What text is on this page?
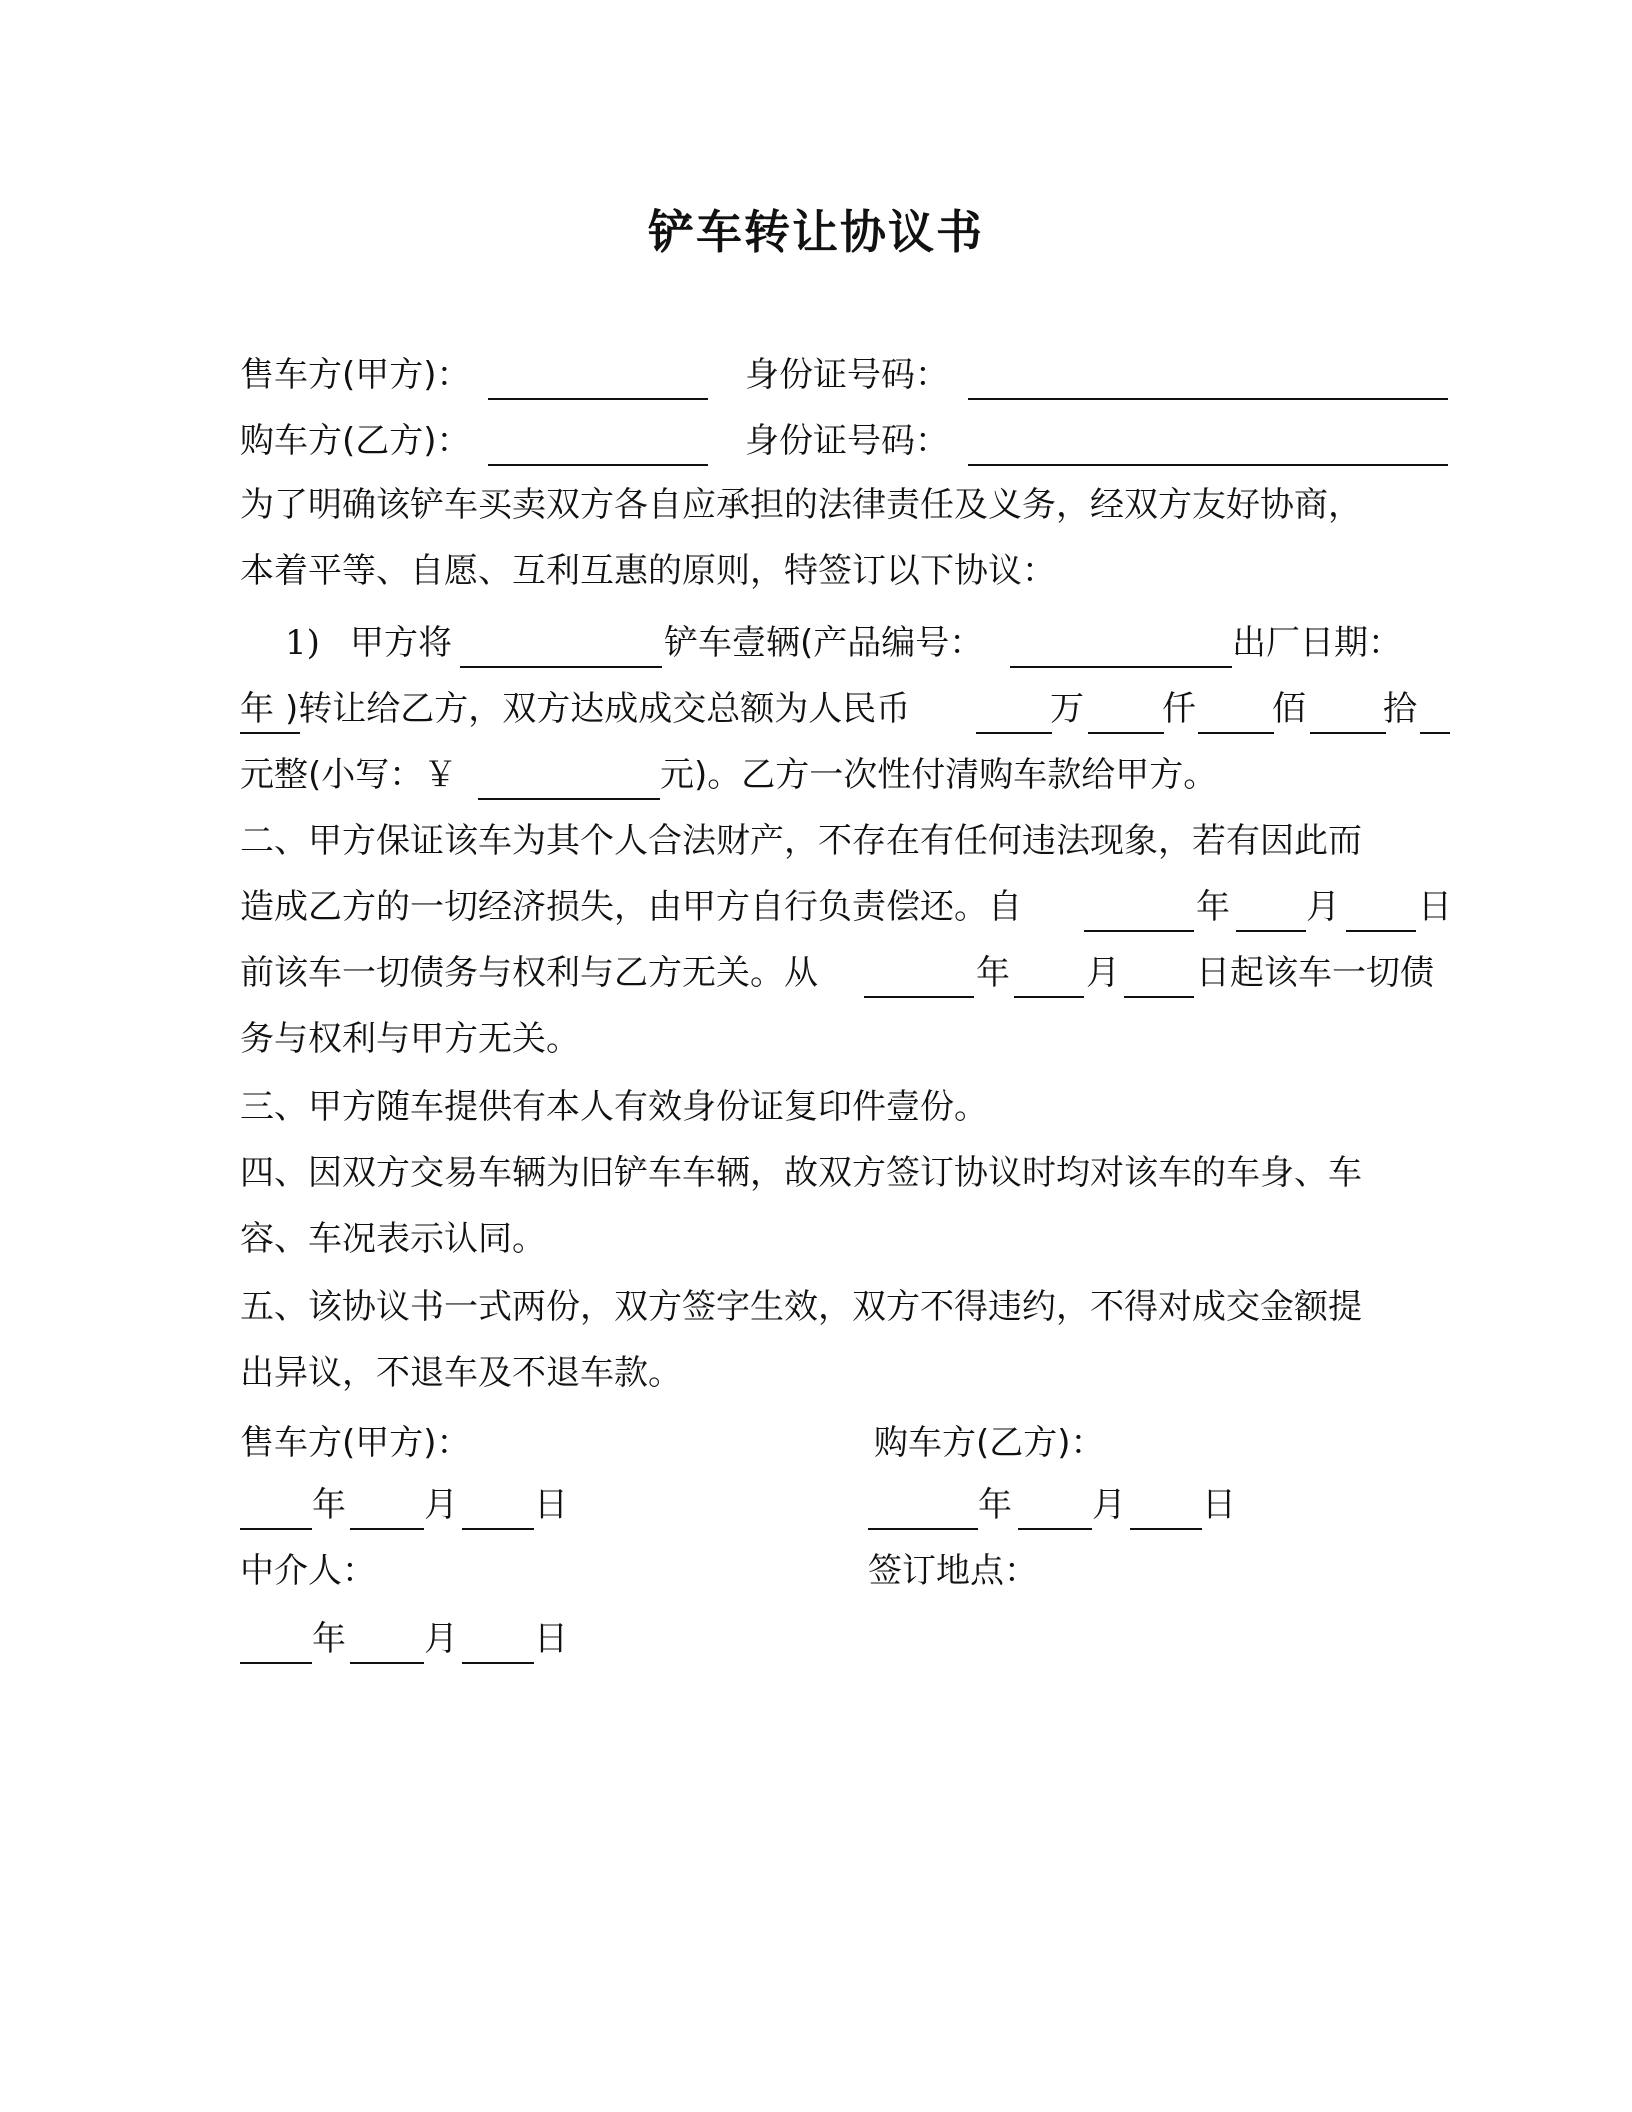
铲车转让协议书
售车方(甲方)：	身份证号码：
购车方(乙方)：	身份证号码：
为了明确该铲车买卖双方各自应承担的法律责任及义务，经双方友好协商，
本着平等、自愿、互利互惠的原则，特签订以下协议：
1) 甲方将	铲车壹辆(产品编号：	出厂日期：
年 )转让给乙方，双方达成成交总额为人民币	万 仟 佰 拾
元整(小写：￥	元)。乙方一次性付清购车款给甲方。
二、甲方保证该车为其个人合法财产，不存在有任何违法现象，若有因此而
造成乙方的一切经济损失，由甲方自行负责偿还。自	年 月 日
前该车一切债务与权利与乙方无关。从	年 月 日起该车一切债
务与权利与甲方无关。
三、甲方随车提供有本人有效身份证复印件壹份。
四、因双方交易车辆为旧铲车车辆，故双方签订协议时均对该车的车身、车
容、车况表示认同。
五、该协议书一式两份，双方签字生效，双方不得违约，不得对成交金额提
出异议，不退车及不退车款。
售车方(甲方)：	购车方(乙方)：
年 月 日	年 月 日
中介人：	签订地点：
年 月 日
